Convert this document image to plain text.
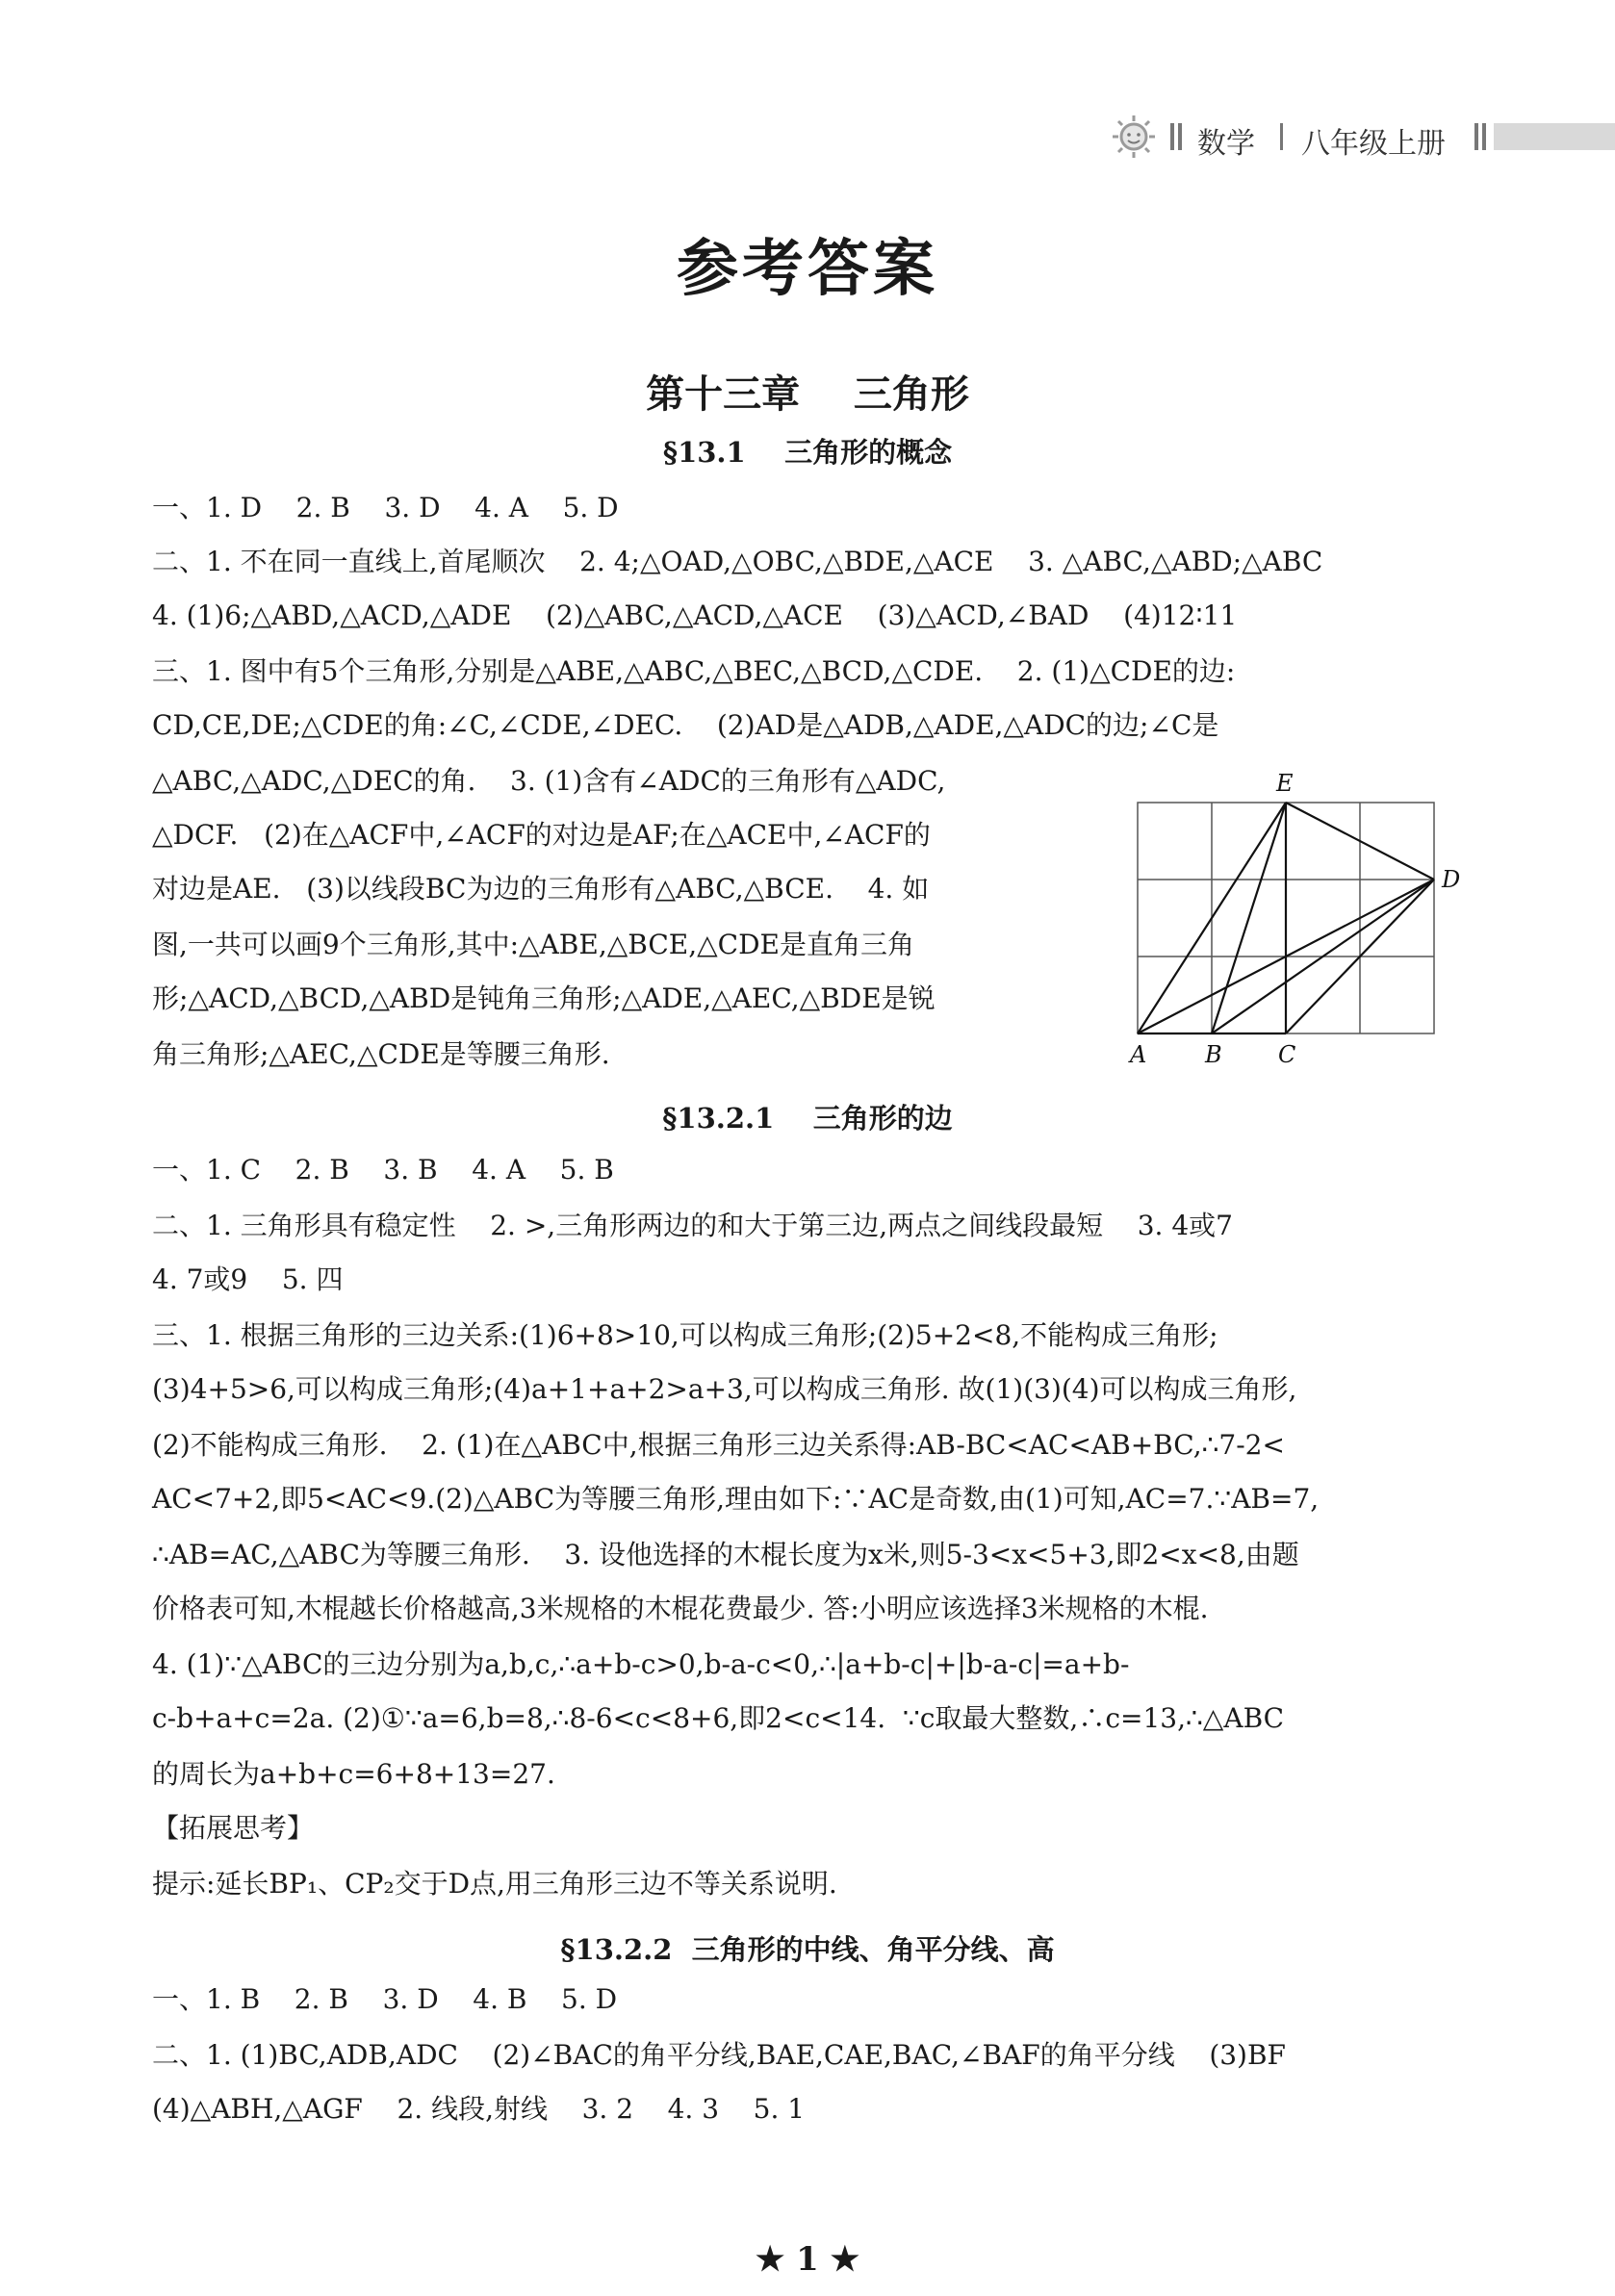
数学 八年级上册
参考答案
第十三章    三角形
§13.1    三角形的概念
一、1. D    2. B    3. D    4. A    5. D
二、1. 不在同一直线上,首尾顺次    2. 4;△OAD,△OBC,△BDE,△ACE    3. △ABC,△ABD;△ABC
4. (1)6;△ABD,△ACD,△ADE    (2)△ABC,△ACD,△ACE    (3)△ACD,∠BAD    (4)12∶11
三、1. 图中有5个三角形,分别是△ABE,△ABC,△BEC,△BCD,△CDE.    2. (1)△CDE的边:
CD,CE,DE;△CDE的角:∠C,∠CDE,∠DEC.    (2)AD是△ADB,△ADE,△ADC的边;∠C是
△ABC,△ADC,△DEC的角.    3. (1)含有∠ADC的三角形有△ADC,
△DCF.   (2)在△ACF中,∠ACF的对边是AF;在△ACE中,∠ACF的
对边是AE.   (3)以线段BC为边的三角形有△ABC,△BCE.    4. 如
图,一共可以画9个三角形,其中:△ABE,△BCE,△CDE是直角三角
形;△ACD,△BCD,△ABD是钝角三角形;△ADE,△AEC,△BDE是锐
角三角形;△AEC,△CDE是等腰三角形.
E
D
A	B C
§13.2.1    三角形的边
一、1. C    2. B    3. B    4. A    5. B
二、1. 三角形具有稳定性    2. >,三角形两边的和大于第三边,两点之间线段最短    3. 4或7
4. 7或9    5. 四
三、1. 根据三角形的三边关系:(1)6+8>10,可以构成三角形;(2)5+2<8,不能构成三角形;
(3)4+5>6,可以构成三角形;(4)a+1+a+2>a+3,可以构成三角形. 故(1)(3)(4)可以构成三角形,
(2)不能构成三角形.    2. (1)在△ABC中,根据三角形三边关系得:AB-BC<AC<AB+BC,∴7-2<
AC<7+2,即5<AC<9.(2)△ABC为等腰三角形,理由如下:∵AC是奇数,由(1)可知,AC=7.∵AB=7,
∴AB=AC,△ABC为等腰三角形.    3. 设他选择的木棍长度为x米,则5-3<x<5+3,即2<x<8,由题
价格表可知,木棍越长价格越高,3米规格的木棍花费最少. 答:小明应该选择3米规格的木棍.
4. (1)∵△ABC的三边分别为a,b,c,∴a+b-c>0,b-a-c<0,∴|a+b-c|+|b-a-c|=a+b-
c-b+a+c=2a. (2)①∵a=6,b=8,∴8-6<c<8+6,即2<c<14.  ∵c取最大整数,∴c=13,∴△ABC
的周长为a+b+c=6+8+13=27.
【拓展思考】
提示:延长BP₁、CP₂交于D点,用三角形三边不等关系说明.
§13.2.2  三角形的中线、角平分线、高
一、1. B    2. B    3. D    4. B    5. D
二、1. (1)BC,ADB,ADC    (2)∠BAC的角平分线,BAE,CAE,BAC,∠BAF的角平分线    (3)BF
(4)△ABH,△AGF    2. 线段,射线    3. 2    4. 3    5. 1
★ 1 ★
